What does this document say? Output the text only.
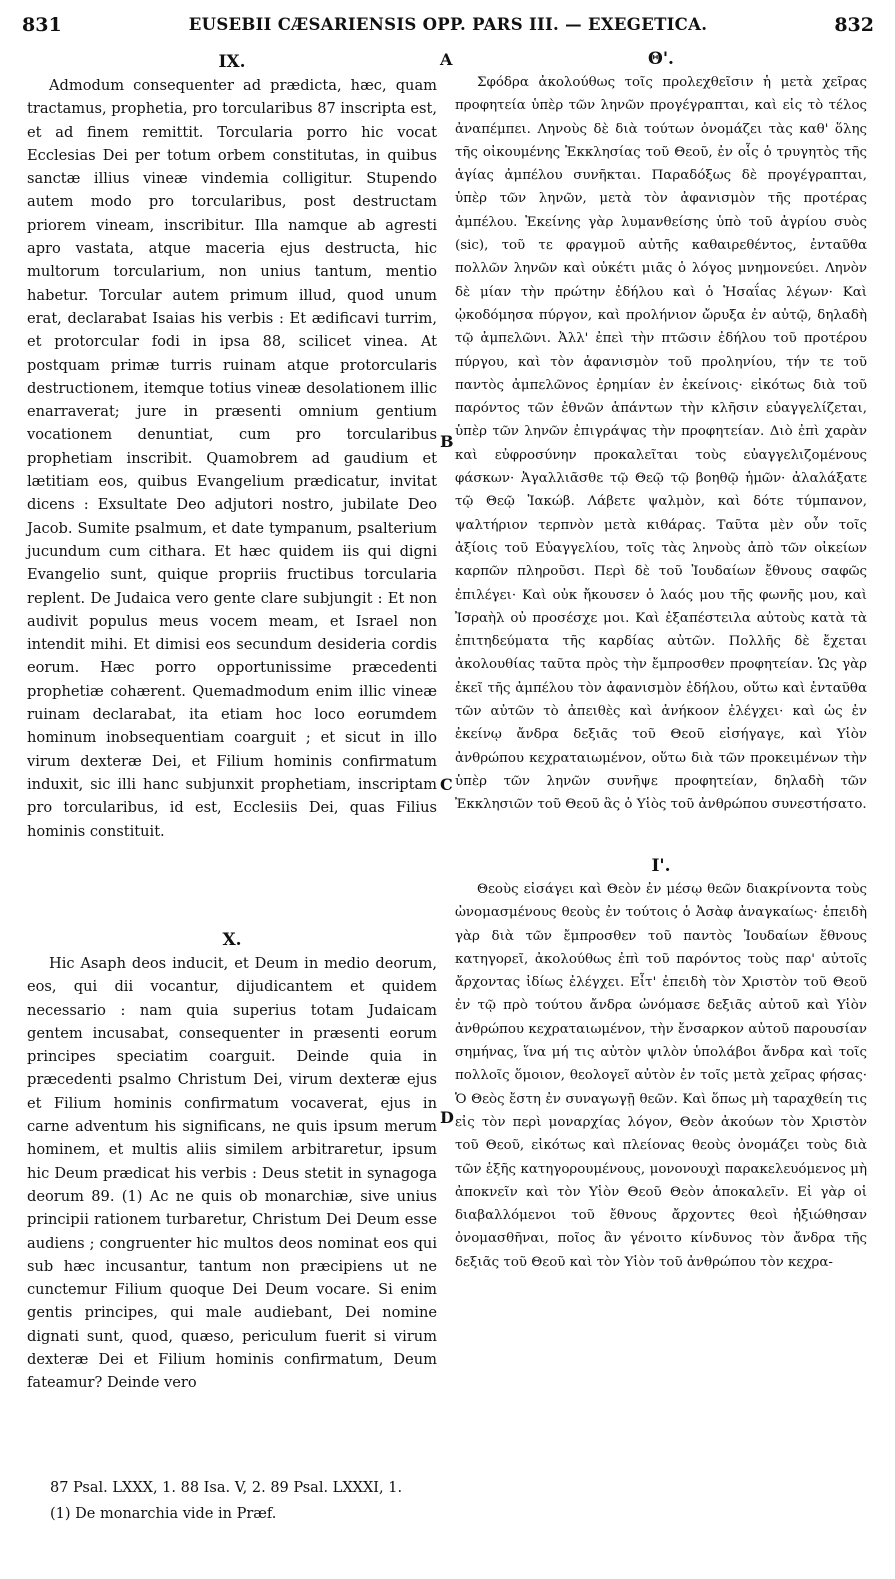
831	EUSEBII CÆSARIENSIS OPP. PARS III. — EXEGETICA.	832
A
B
C
D
IX.

Admodum consequenter ad prædicta, hæc, quam tractamus, prophetia, pro torcularibus 87 inscripta est, et ad finem remittit. Torcularia porro hic vocat Ecclesias Dei per totum orbem constitutas, in quibus sanctæ illius vineæ vindemia colligitur. Stupendo autem modo pro torcularibus, post destructam priorem vineam, inscribitur. Illa namque ab agresti apro vastata, atque maceria ejus destructa, hic multorum torcularium, non unius tantum, mentio habetur. Torcular autem primum illud, quod unum erat, declarabat Isaias his verbis : Et ædificavi turrim, et protorcular fodi in ipsa 88, scilicet vinea. At postquam primæ turris ruinam atque protorcularis destructionem, itemque totius vineæ desolationem illic enarraverat; jure in præsenti omnium gentium vocationem denuntiat, cum pro torcularibus prophetiam inscribit. Quamobrem ad gaudium et lætitiam eos, quibus Evangelium prædicatur, invitat dicens : Exsultate Deo adjutori nostro, jubilate Deo Jacob. Sumite psalmum, et date tympanum, psalterium jucundum cum cithara. Et hæc quidem iis qui digni Evangelio sunt, quique propriis fructibus torcularia replent. De Judaica vero gente clare subjungit : Et non audivit populus meus vocem meam, et Israel non intendit mihi. Et dimisi eos secundum desideria cordis eorum. Hæc porro opportunissime præcedenti prophetiæ cohærent. Quemadmodum enim illic vineæ ruinam declarabat, ita etiam hoc loco eorumdem hominum inobsequentiam coarguit ; et sicut in illo virum dexteræ Dei, et Filium hominis confirmatum induxit, sic illi hanc subjunxit prophetiam, inscriptam pro torcularibus, id est, Ecclesiis Dei, quas Filius hominis constituit.

X.

Hic Asaph deos inducit, et Deum in medio deorum, eos, qui dii vocantur, dijudicantem et quidem necessario : nam quia superius totam Judaicam gentem incusabat, consequenter in præsenti eorum principes speciatim coarguit. Deinde quia in præcedenti psalmo Christum Dei, virum dexteræ ejus et Filium hominis confirmatum vocaverat, ejus in carne adventum his significans, ne quis ipsum merum hominem, et multis aliis similem arbitraretur, ipsum hic Deum prædicat his verbis : Deus stetit in synagoga deorum 89. (1) Ac ne quis ob monarchiæ, sive unius principii rationem turbaretur, Christum Dei Deum esse audiens ; congruenter hic multos deos nominat eos qui sub hæc incusantur, tantum non præcipiens ut ne cunctemur Filium quoque Dei Deum vocare. Si enim gentis principes, qui male audiebant, Dei nomine dignati sunt, quod, quæso, periculum fuerit si virum dexteræ Dei et Filium hominis confirmatum, Deum fateamur? Deinde vero

Θ'.

Σφόδρα ἀκολούθως τοῖς προλεχθεῖσιν ἡ μετὰ χεῖρας προφητεία ὑπὲρ τῶν ληνῶν προγέγραπται, καὶ εἰς τὸ τέλος ἀναπέμπει. Ληνοὺς δὲ διὰ τούτων ὀνομάζει τὰς καθ' ὅλης τῆς οἰκουμένης Ἐκκλησίας τοῦ Θεοῦ, ἐν οἷς ὁ τρυγητὸς τῆς ἁγίας ἀμπέλου συνῆκται. Παραδόξως δὲ προγέγραπται, ὑπὲρ τῶν ληνῶν, μετὰ τὸν ἀφανισμὸν τῆς προτέρας ἀμπέλου. Ἐκείνης γὰρ λυμανθείσης ὑπὸ τοῦ ἀγρίου συὸς (sic), τοῦ τε φραγμοῦ αὐτῆς καθαιρεθέντος, ἐνταῦθα πολλῶν ληνῶν καὶ οὐκέτι μιᾶς ὁ λόγος μνημονεύει. Ληνὸν δὲ μίαν τὴν πρώτην ἐδήλου καὶ ὁ Ἡσαΐας λέγων· Καὶ ᾠκοδόμησα πύργον, καὶ προλήνιον ὤρυξα ἐν αὐτῷ, δηλαδὴ τῷ ἀμπελῶνι. Ἀλλ' ἐπεὶ τὴν πτῶσιν ἐδήλου τοῦ προτέρου πύργου, καὶ τὸν ἀφανισμὸν τοῦ προληνίου, τήν τε τοῦ παντὸς ἀμπελῶνος ἐρημίαν ἐν ἐκείνοις· εἰκότως διὰ τοῦ παρόντος τῶν ἐθνῶν ἁπάντων τὴν κλῆσιν εὐαγγελίζεται, ὑπὲρ τῶν ληνῶν ἐπιγράψας τὴν προφητείαν. Διὸ ἐπὶ χαρὰν καὶ εὐφροσύνην προκαλεῖται τοὺς εὐαγγελιζομένους φάσκων· Ἀγαλλιᾶσθε τῷ Θεῷ τῷ βοηθῷ ἡμῶν· ἀλαλάξατε τῷ Θεῷ Ἰακώβ. Λάβετε ψαλμὸν, καὶ δότε τύμπανον, ψαλτήριον τερπνὸν μετὰ κιθάρας. Ταῦτα μὲν οὖν τοῖς ἀξίοις τοῦ Εὐαγγελίου, τοῖς τὰς ληνοὺς ἀπὸ τῶν οἰκείων καρπῶν πληροῦσι. Περὶ δὲ τοῦ Ἰουδαίων ἔθνους σαφῶς ἐπιλέγει· Καὶ οὐκ ἤκουσεν ὁ λαός μου τῆς φωνῆς μου, καὶ Ἰσραὴλ οὐ προσέσχε μοι. Καὶ ἐξαπέστειλα αὐτοὺς κατὰ τὰ ἐπιτηδεύματα τῆς καρδίας αὐτῶν. Πολλῆς δὲ ἔχεται ἀκολουθίας ταῦτα πρὸς τὴν ἔμπροσθεν προφητείαν. Ὡς γὰρ ἐκεῖ τῆς ἀμπέλου τὸν ἀφανισμὸν ἐδήλου, οὕτω καὶ ἐνταῦθα τῶν αὐτῶν τὸ ἀπειθὲς καὶ ἀνήκοον ἐλέγχει· καὶ ὡς ἐν ἐκείνῳ ἄνδρα δεξιᾶς τοῦ Θεοῦ εἰσήγαγε, καὶ Υἱὸν ἀνθρώπου κεχραταιωμένον, οὕτω διὰ τῶν προκειμένων τὴν ὑπὲρ τῶν ληνῶν συνῆψε προφητείαν, δηλαδὴ τῶν Ἐκκλησιῶν τοῦ Θεοῦ ἃς ὁ Υἱὸς τοῦ ἀνθρώπου συνεστήσατο.

Ι'.

Θεοὺς εἰσάγει καὶ Θεὸν ἐν μέσῳ θεῶν διακρίνοντα τοὺς ὠνομασμένους θεοὺς ἐν τούτοις ὁ Ἀσὰφ ἀναγκαίως· ἐπειδὴ γὰρ διὰ τῶν ἔμπροσθεν τοῦ παντὸς Ἰουδαίων ἔθνους κατηγορεῖ, ἀκολούθως ἐπὶ τοῦ παρόντος τοὺς παρ' αὐτοῖς ἄρχοντας ἰδίως ἐλέγχει. Εἶτ' ἐπειδὴ τὸν Χριστὸν τοῦ Θεοῦ ἐν τῷ πρὸ τούτου ἄνδρα ὠνόμασε δεξιᾶς αὐτοῦ καὶ Υἱὸν ἀνθρώπου κεχραταιωμένον, τὴν ἔνσαρκον αὐτοῦ παρουσίαν σημήνας, ἵνα μή τις αὐτὸν ψιλὸν ὑπολάβοι ἄνδρα καὶ τοῖς πολλοῖς ὅμοιον, θεολογεῖ αὐτὸν ἐν τοῖς μετὰ χεῖρας φήσας· Ὁ Θεὸς ἔστη ἐν συναγωγῇ θεῶν. Καὶ ὅπως μὴ ταραχθείη τις εἰς τὸν περὶ μοναρχίας λόγον, Θεὸν ἀκούων τὸν Χριστὸν τοῦ Θεοῦ, εἰκότως καὶ πλείονας θεοὺς ὀνομάζει τοὺς διὰ τῶν ἑξῆς κατηγορουμένους, μονονουχὶ παρακελευόμενος μὴ ἀποκνεῖν καὶ τὸν Υἱὸν Θεοῦ Θεὸν ἀποκαλεῖν. Εἰ γὰρ οἱ διαβαλλόμενοι τοῦ ἔθνους ἄρχοντες θεοὶ ἠξιώθησαν ὀνομασθῆναι, ποῖος ἂν γένοιτο κίνδυνος τὸν ἄνδρα τῆς δεξιᾶς τοῦ Θεοῦ καὶ τὸν Υἱὸν τοῦ ἀνθρώπου τὸν κεχρα-

87 Psal. LXXX, 1. 88 Isa. V, 2. 89 Psal. LXXXI, 1.
(1) De monarchia vide in Præf.
